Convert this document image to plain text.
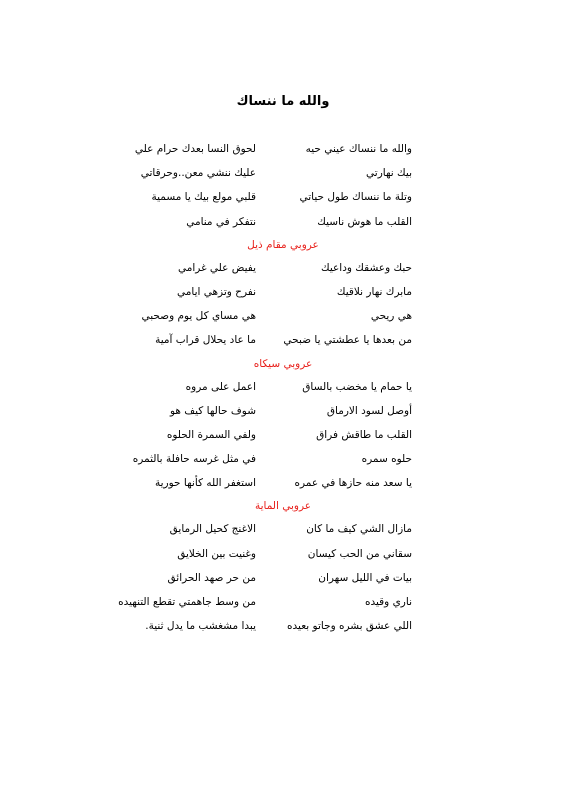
والله ما ننساك
والله ما ننساك عيني حيه
لحوق النسا بعدك حرام علي
بيك نهارتي
عليك ننشي معن..وحرقاتي
وتلة ما ننساك طول حياتي
قلبي مولع بيك يا مسمية
القلب ما هوش ناسيك
نتفكر في منامي
عروبي مقام ذيل
حبك وعشقك وداعيك
يفيض علي غرامي
مابرك نهار نلاقيك
نفرح وتزهي ايامي
هي ريحي
هي مساي كل يوم وصحبي
من بعدها يا عطشتي يا ضبحي
ما عاد يحلال قراب آمية
عروبي سيكاه
يا حمام يا مخضب بالساق
اعمل على مروه
أوصل لسود الارماق
شوف حالها كيف هو
القلب ما طاقش فراق
ولفي السمرة الحلوه
حلوه سمره
في مثل غرسه حافلة بالثمره
يا سعد منه حازها في عمره
استغفر الله كأنها حورية
عروبي الماية
مازال الشي كيف ما كان
الاغنج كحيل الرمايق
سقاني من الحب كيسان
وغنيت بين الخلايق
بيات في الليل سهران
من حر صهد الحرائق
ناري وقيده
من وسط جاهمتي تقطع التنهيده
اللي عشق بشره وجاتو بعيده
يبدا مشغشب ما يدل ثنية.
